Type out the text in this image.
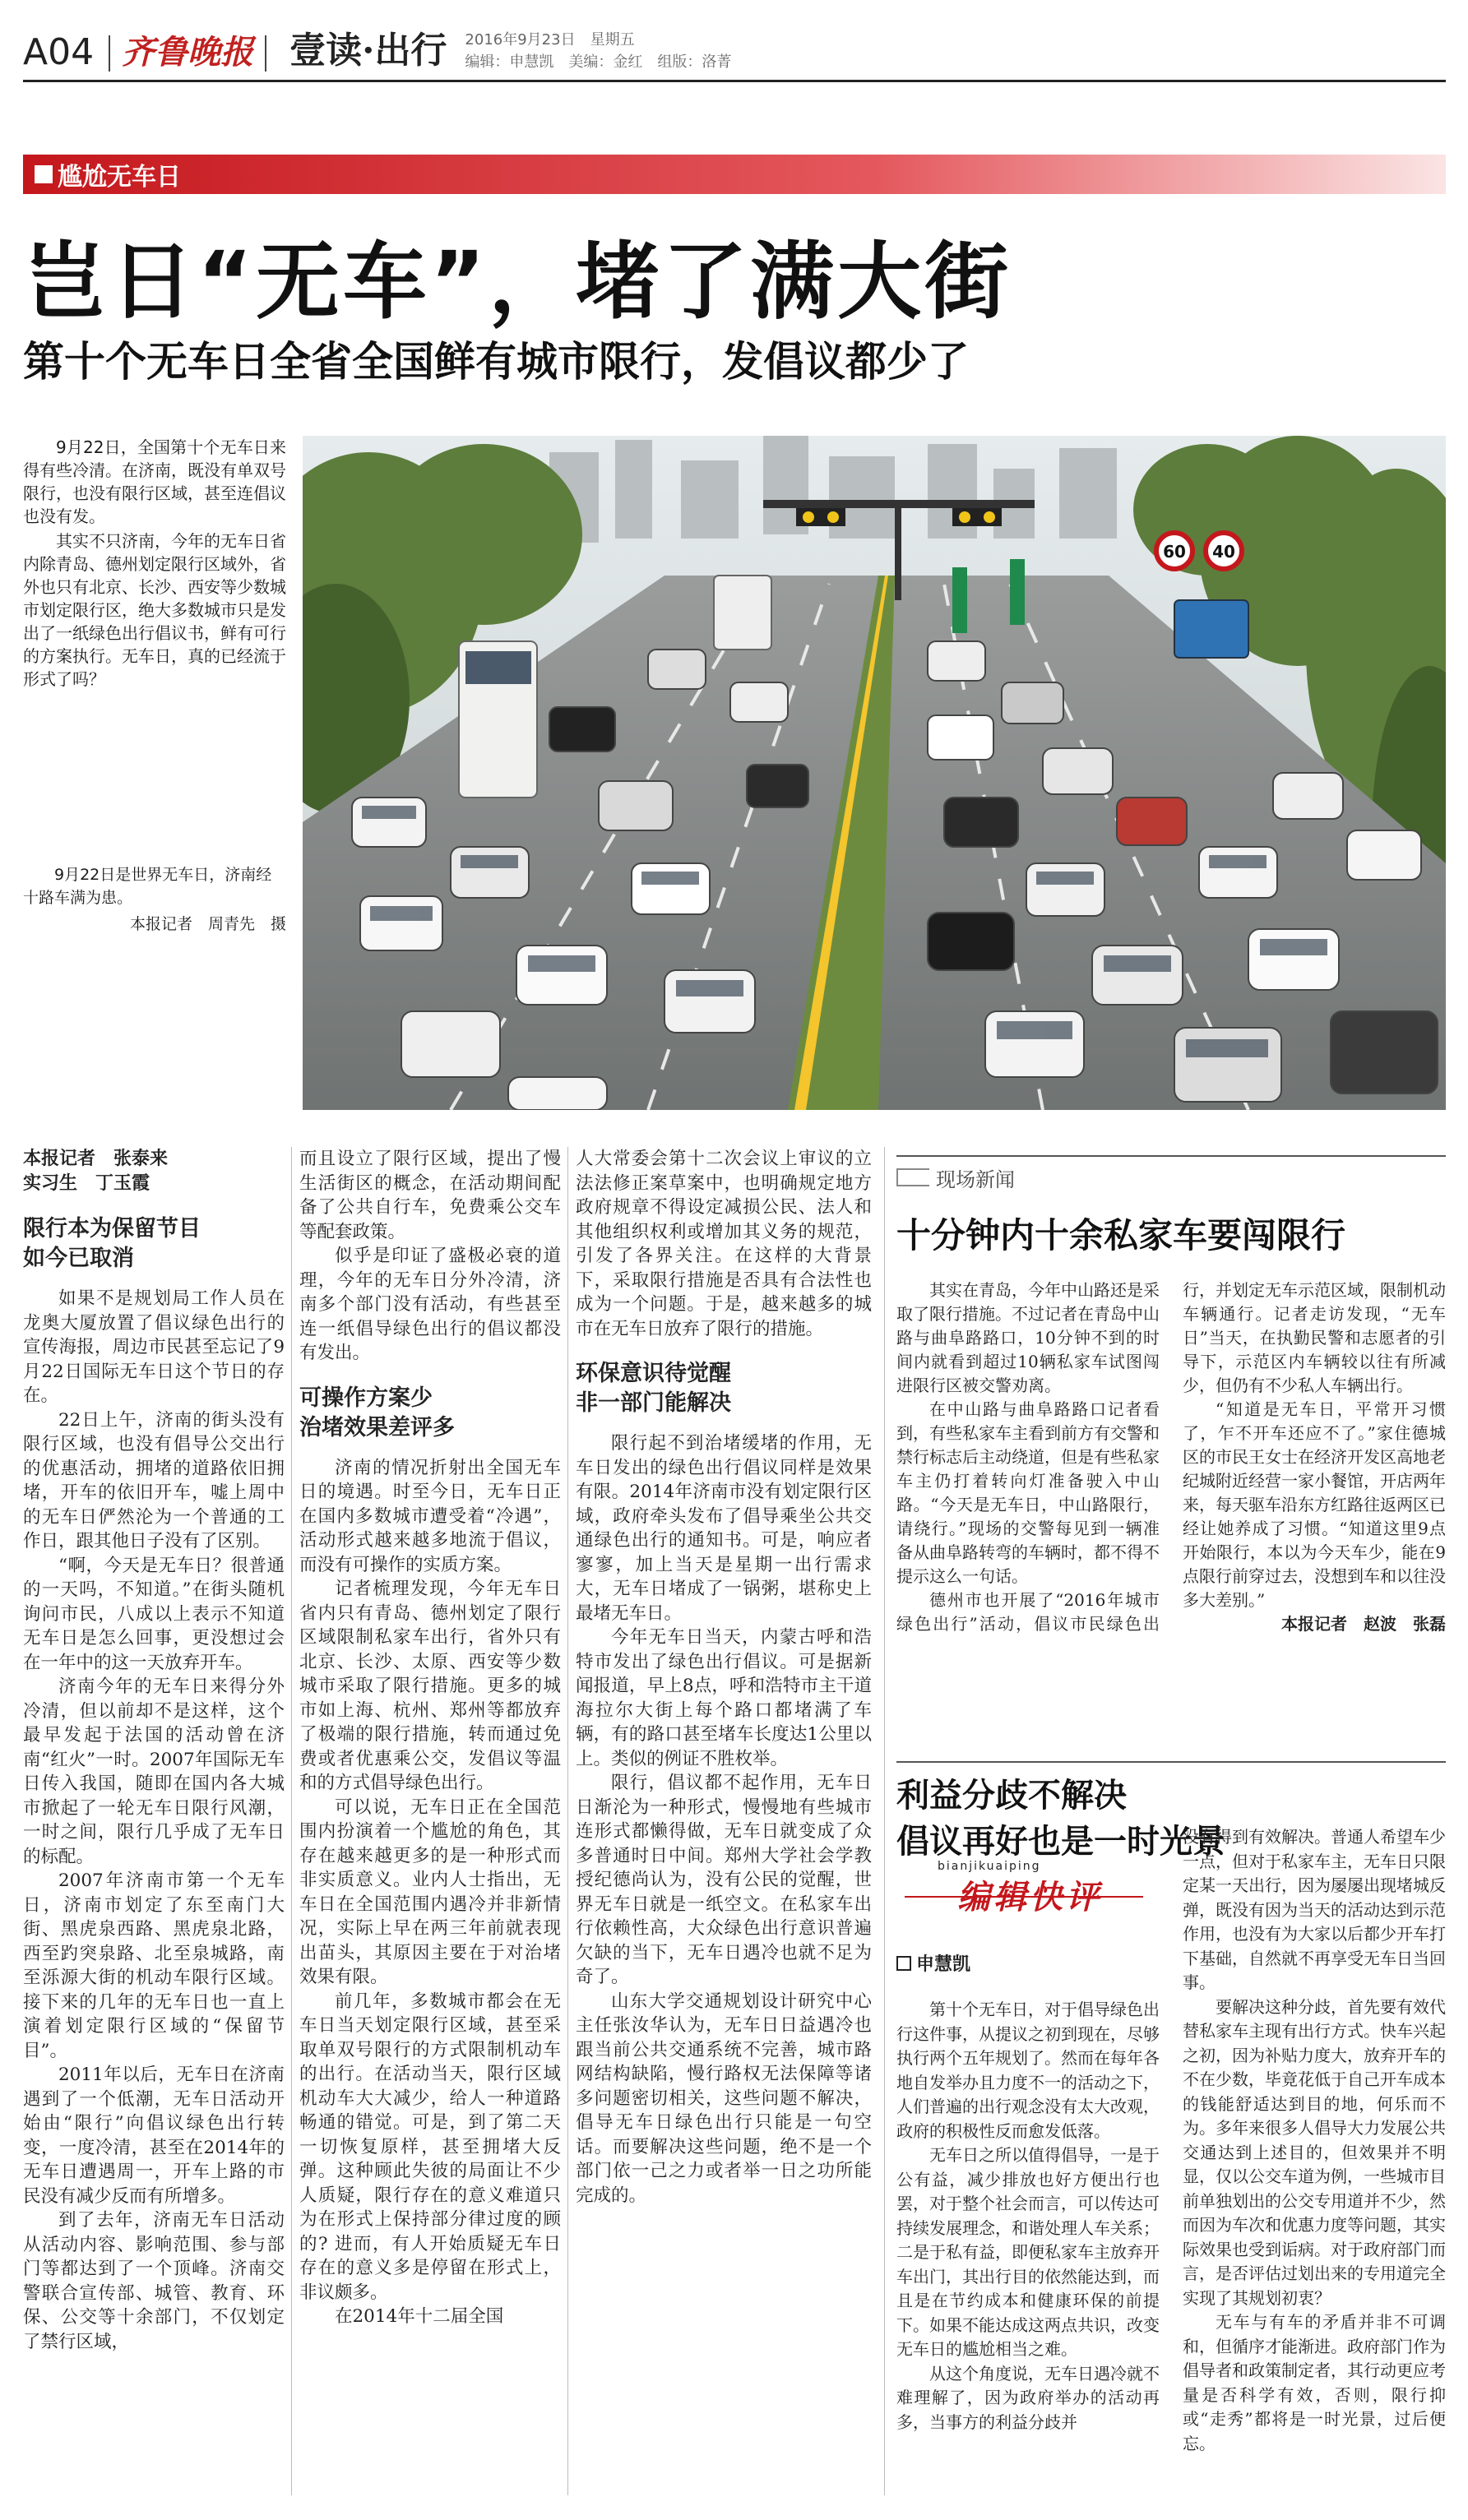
A04 齐鲁晚报 壹读·出行 2016年9月23日 星期五
编辑：申慧凯 美编：金红 组版：洛菁
尴尬无车日
岂日“无车”，堵了满大街
第十个无车日全省全国鲜有城市限行，发倡议都少了

9月22日，全国第十个无车日来得有些冷清。在济南，既没有单双号限行，也没有限行区域，甚至连倡议也没有发。

其实不只济南，今年的无车日省内除青岛、德州划定限行区域外，省外也只有北京、长沙、西安等少数城市划定限行区，绝大多数城市只是发出了一纸绿色出行倡议书，鲜有可行的方案执行。无车日，真的已经流于形式了吗？

9月22日是世界无车日，济南经十路车满为患。
本报记者　周青先　摄
60 40
本报记者　张泰来
实习生　丁玉霞
限行本为保留节目
如今已取消

如果不是规划局工作人员在龙奥大厦放置了倡议绿色出行的宣传海报，周边市民甚至忘记了9月22日国际无车日这个节日的存在。

22日上午，济南的街头没有限行区域，也没有倡导公交出行的优惠活动，拥堵的道路依旧拥堵，开车的依旧开车，嘘上周中的无车日俨然沦为一个普通的工作日，跟其他日子没有了区别。

“啊，今天是无车日？很普通的一天吗，不知道。”在街头随机询问市民，八成以上表示不知道无车日是怎么回事，更没想过会在一年中的这一天放弃开车。

济南今年的无车日来得分外冷清，但以前却不是这样，这个最早发起于法国的活动曾在济南“红火”一时。2007年国际无车日传入我国，随即在国内各大城市掀起了一轮无车日限行风潮，一时之间，限行几乎成了无车日的标配。

2007年济南市第一个无车日，济南市划定了东至南门大街、黑虎泉西路、黑虎泉北路，西至趵突泉路、北至泉城路，南至泺源大街的机动车限行区域。接下来的几年的无车日也一直上演着划定限行区域的“保留节目”。

2011年以后，无车日在济南遇到了一个低潮，无车日活动开始由“限行”向倡议绿色出行转变，一度冷清，甚至在2014年的无车日遭遇周一，开车上路的市民没有减少反而有所增多。

到了去年，济南无车日活动从活动内容、影响范围、参与部门等都达到了一个顶峰。济南交警联合宣传部、城管、教育、环保、公交等十余部门，不仅划定了禁行区域，

而且设立了限行区域，提出了慢生活街区的概念，在活动期间配备了公共自行车，免费乘公交车等配套政策。

似乎是印证了盛极必衰的道理，今年的无车日分外冷清，济南多个部门没有活动，有些甚至连一纸倡导绿色出行的倡议都没有发出。

可操作方案少
治堵效果差评多

济南的情况折射出全国无车日的境遇。时至今日，无车日正在国内多数城市遭受着“冷遇”，活动形式越来越多地流于倡议，而没有可操作的实质方案。

记者梳理发现，今年无车日省内只有青岛、德州划定了限行区域限制私家车出行，省外只有北京、长沙、太原、西安等少数城市采取了限行措施。更多的城市如上海、杭州、郑州等都放弃了极端的限行措施，转而通过免费或者优惠乘公交，发倡议等温和的方式倡导绿色出行。

可以说，无车日正在全国范围内扮演着一个尴尬的角色，其存在越来越更多的是一种形式而非实质意义。业内人士指出，无车日在全国范围内遇冷并非新情况，实际上早在两三年前就表现出苗头，其原因主要在于对治堵效果有限。

前几年，多数城市都会在无车日当天划定限行区域，甚至采取单双号限行的方式限制机动车的出行。在活动当天，限行区域机动车大大减少，给人一种道路畅通的错觉。可是，到了第二天一切恢复原样，甚至拥堵大反弹。这种顾此失彼的局面让不少人质疑，限行存在的意义难道只为在形式上保持部分律过度的顾的? 进而，有人开始质疑无车日存在的意义多是停留在形式上，非议颇多。

在2014年十二届全国

人大常委会第十二次会议上审议的立法法修正案草案中，也明确规定地方政府规章不得设定减损公民、法人和其他组织权利或增加其义务的规范，引发了各界关注。在这样的大背景下，采取限行措施是否具有合法性也成为一个问题。于是，越来越多的城市在无车日放弃了限行的措施。

环保意识待觉醒
非一部门能解决

限行起不到治堵缓堵的作用，无车日发出的绿色出行倡议同样是效果有限。2014年济南市没有划定限行区域，政府牵头发布了倡导乘坐公共交通绿色出行的通知书。可是，响应者寥寥，加上当天是星期一出行需求大，无车日堵成了一锅粥，堪称史上最堵无车日。

今年无车日当天，内蒙古呼和浩特市发出了绿色出行倡议。可是据新闻报道，早上8点，呼和浩特市主干道海拉尔大街上每个路口都堵满了车辆，有的路口甚至堵车长度达1公里以上。类似的例证不胜枚举。

限行，倡议都不起作用，无车日日渐沦为一种形式，慢慢地有些城市连形式都懒得做，无车日就变成了众多普通时日中间。郑州大学社会学教授纪德尚认为，没有公民的觉醒，世界无车日就是一纸空文。在私家车出行依赖性高，大众绿色出行意识普遍欠缺的当下，无车日遇冷也就不足为奇了。

山东大学交通规划设计研究中心主任张汝华认为，无车日日益遇冷也跟当前公共交通系统不完善，城市路网结构缺陷，慢行路权无法保障等诸多问题密切相关，这些问题不解决，倡导无车日绿色出行只能是一句空话。而要解决这些问题，绝不是一个部门依一己之力或者举一日之功所能完成的。

现场新闻
十分钟内十余私家车要闯限行

其实在青岛，今年中山路还是采取了限行措施。不过记者在青岛中山路与曲阜路路口，10分钟不到的时间内就看到超过10辆私家车试图闯进限行区被交警劝离。

在中山路与曲阜路路口记者看到，有些私家车主看到前方有交警和禁行标志后主动绕道，但是有些私家车主仍打着转向灯准备驶入中山路。“今天是无车日，中山路限行，请绕行。”现场的交警每见到一辆准备从曲阜路转弯的车辆时，都不得不提示这么一句话。

德州市也开展了“2016年城市绿色出行”活动，倡议市民绿色出行，并划定无车示范区域，限制机动车辆通行。记者走访发现，“无车日”当天，在执勤民警和志愿者的引导下，示范区内车辆较以往有所减少，但仍有不少私人车辆出行。

“知道是无车日，平常开习惯了，乍不开车还应不了。”家住德城区的市民王女士在经济开发区高地老纪城附近经营一家小餐馆，开店两年来，每天驱车沿东方红路往返两区已经让她养成了习惯。“知道这里9点开始限行，本以为今天车少，能在9点限行前穿过去，没想到车和以往没多大差别。”

本报记者　赵波　张磊

利益分歧不解决
倡议再好也是一时光景
bianjikuaiping
编辑快评
申慧凯

第十个无车日，对于倡导绿色出行这件事，从提议之初到现在，尽够执行两个五年规划了。然而在每年各地自发举办且力度不一的活动之下，人们普遍的出行观念没有太大改观，政府的积极性反而愈发低落。

无车日之所以值得倡导，一是于公有益，减少排放也好方便出行也罢，对于整个社会而言，可以传达可持续发展理念，和谐处理人车关系；二是于私有益，即便私家车主放弃开车出门，其出行目的依然能达到，而且是在节约成本和健康环保的前提下。如果不能达成这两点共识，改变无车日的尴尬相当之难。

从这个角度说，无车日遇冷就不难理解了，因为政府举办的活动再多，当事方的利益分歧并

没有得到有效解决。普通人希望车少一点，但对于私家车主，无车日只限定某一天出行，因为屡屡出现堵城反弹，既没有因为当天的活动达到示范作用，也没有为大家以后都少开车打下基础，自然就不再享受无车日当回事。

要解决这种分歧，首先要有效代替私家车主现有出行方式。快车兴起之初，因为补贴力度大，放弃开车的不在少数，毕竟花低于自己开车成本的钱能舒适达到目的地，何乐而不为。多年来很多人倡导大力发展公共交通达到上述目的，但效果并不明显，仅以公交车道为例，一些城市目前单独划出的公交专用道并不少，然而因为车次和优惠力度等问题，其实际效果也受到诟病。对于政府部门而言，是否评估过划出来的专用道完全实现了其规划初衷？

无车与有车的矛盾并非不可调和，但循序才能渐进。政府部门作为倡导者和政策制定者，其行动更应考量是否科学有效，否则，限行抑或“走秀”都将是一时光景，过后便忘。
